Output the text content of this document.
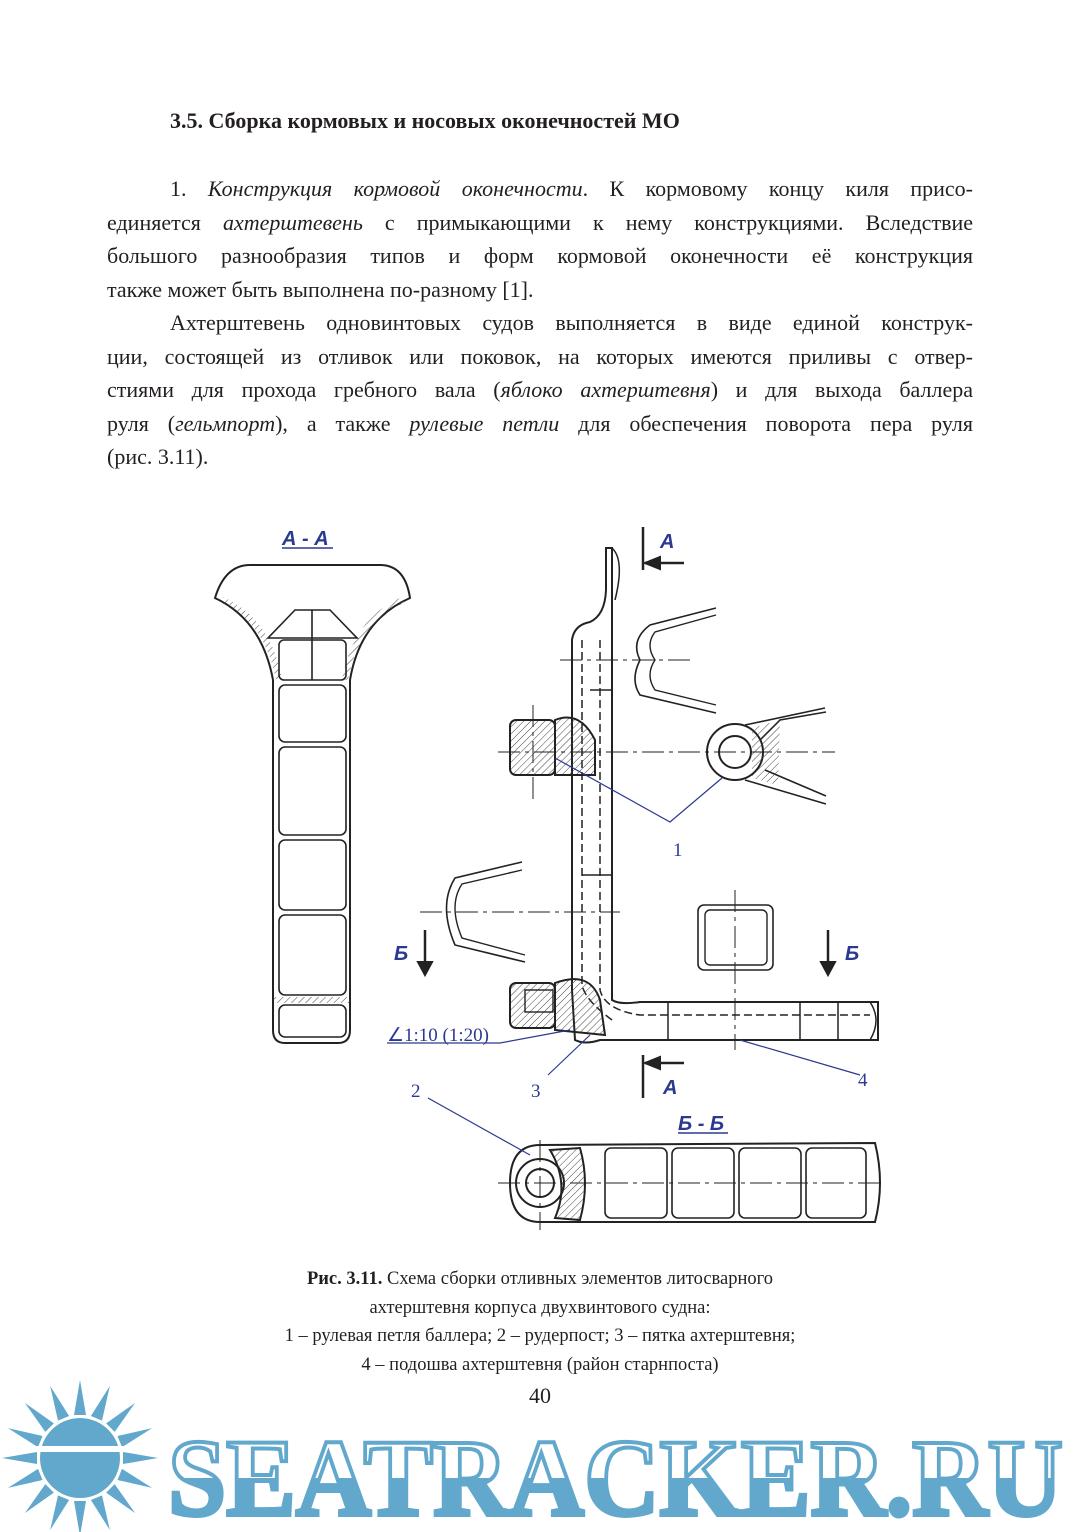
3.5. Сборка кормовых и носовых оконечностей МО
1. Конструкция кормовой оконечности. К кормовому концу киля присо-
единяется ахтерштевень с примыкающими к нему конструкциями. Вследствие
большого разнообразия типов и форм кормовой оконечности её конструкция
также может быть выполнена по-разному [1].
Ахтерштевень одновинтовых судов выполняется в виде единой конструк-
ции, состоящей из отливок или поковок, на которых имеются приливы с отвер-
стиями для прохода гребного вала (яблоко ахтерштевня) и для выхода баллера
руля (гельмпорт), а также рулевые петли для обеспечения поворота пера руля
(рис. 3.11).
А - А	А
А
Б	Б
Б - Б
∠1:10 (1:20)
1
2	3
4
Рис. 3.11. Схема сборки отливных элементов литосварного
ахтерштевня корпуса двухвинтового судна:
1 – рулевая петля баллера; 2 – рудерпост; 3 – пятка ахтерштевня;
4 – подошва ахтерштевня (район старнпоста)
40
SEATRACKER.RU
